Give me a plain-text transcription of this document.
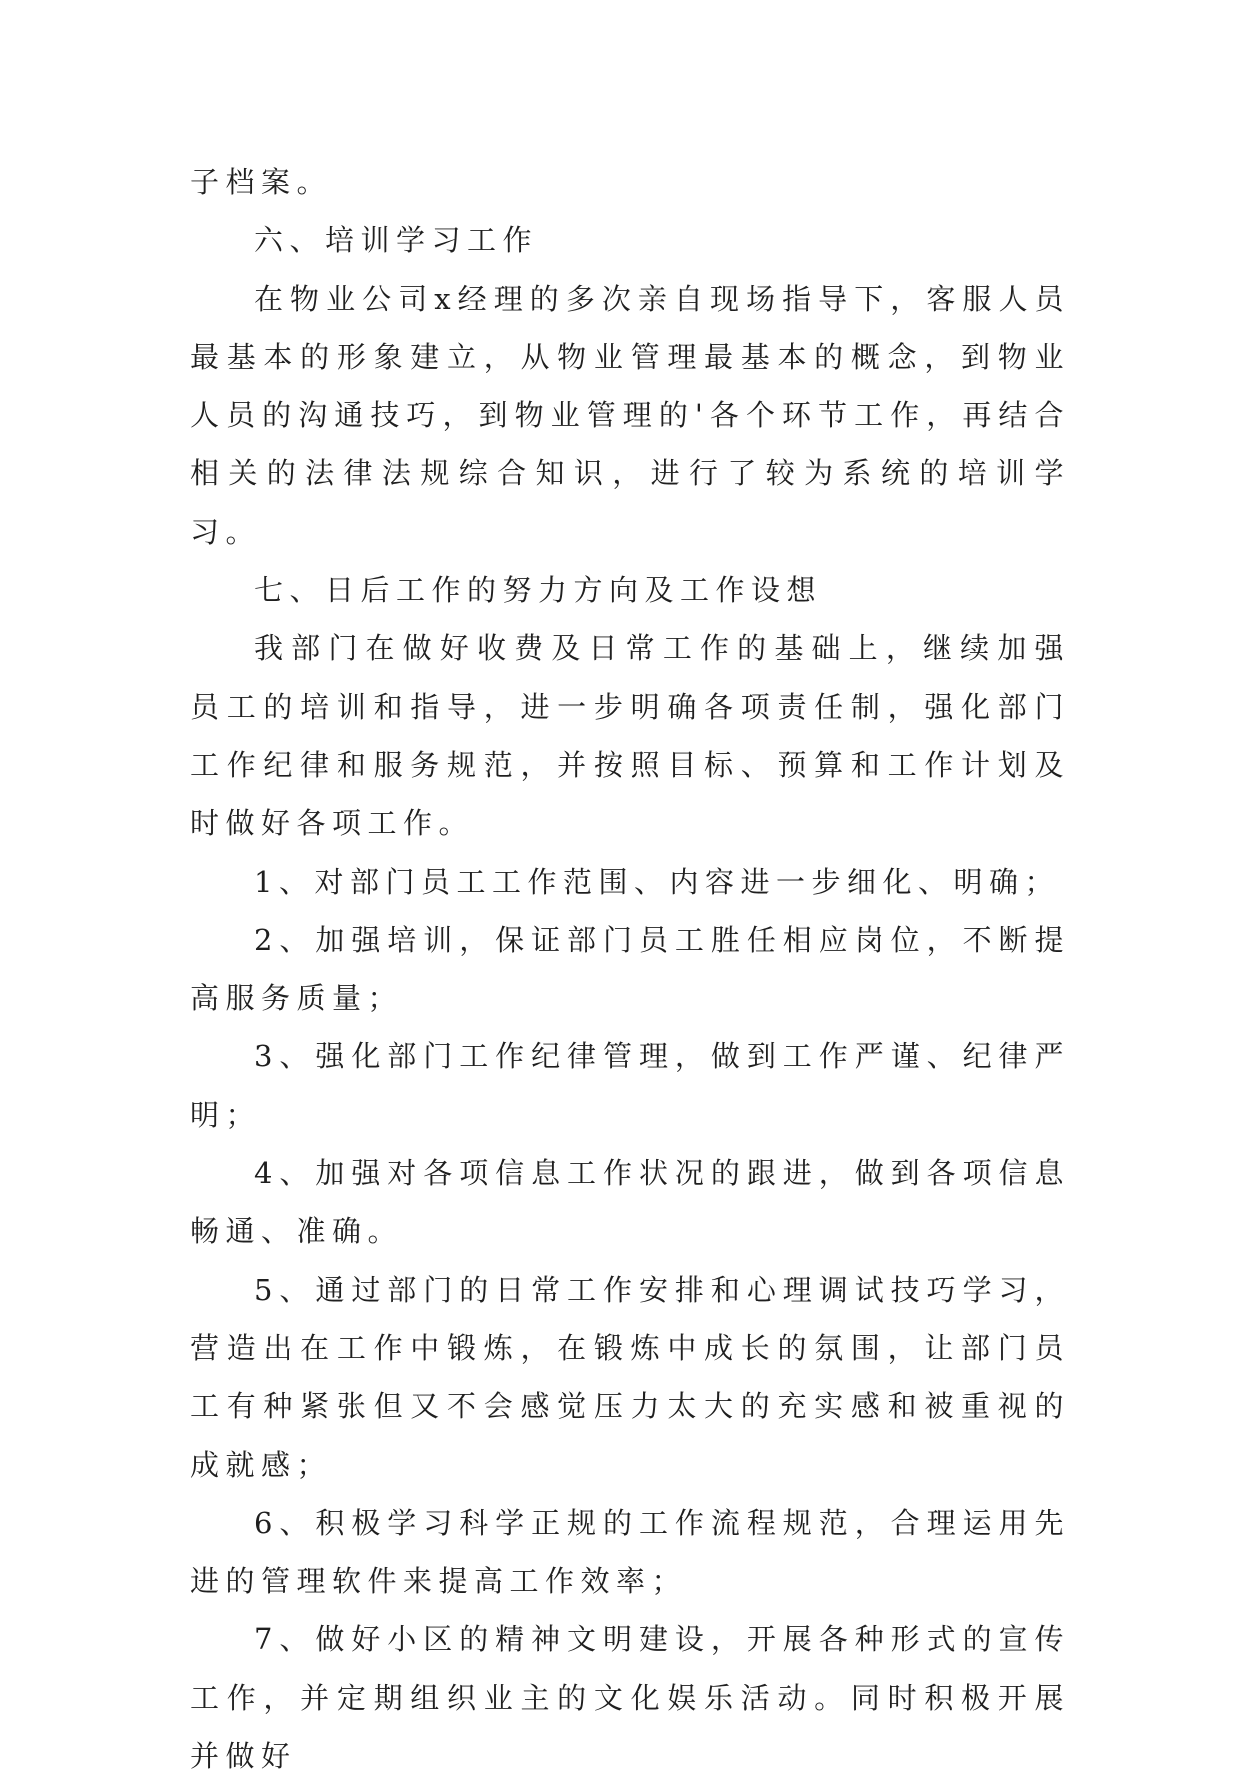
子档案。

六、培训学习工作

在物业公司x经理的多次亲自现场指导下，客服人员最基本的形象建立，从物业管理最基本的概念，到物业人员的沟通技巧，到物业管理的'各个环节工作，再结合相关的法律法规综合知识，进行了较为系统的培训学习。

七、日后工作的努力方向及工作设想

我部门在做好收费及日常工作的基础上，继续加强员工的培训和指导，进一步明确各项责任制，强化部门工作纪律和服务规范，并按照目标、预算和工作计划及时做好各项工作。

1、对部门员工工作范围、内容进一步细化、明确；

2、加强培训，保证部门员工胜任相应岗位，不断提高服务质量；

3、强化部门工作纪律管理，做到工作严谨、纪律严明；

4、加强对各项信息工作状况的跟进，做到各项信息畅通、准确。

5、通过部门的日常工作安排和心理调试技巧学习，营造出在工作中锻炼，在锻炼中成长的氛围，让部门员工有种紧张但又不会感觉压力太大的充实感和被重视的成就感；

6、积极学习科学正规的工作流程规范，合理运用先进的管理软件来提高工作效率；

7、做好小区的精神文明建设，开展各种形式的宣传工作，并定期组织业主的文化娱乐活动。同时积极开展并做好
